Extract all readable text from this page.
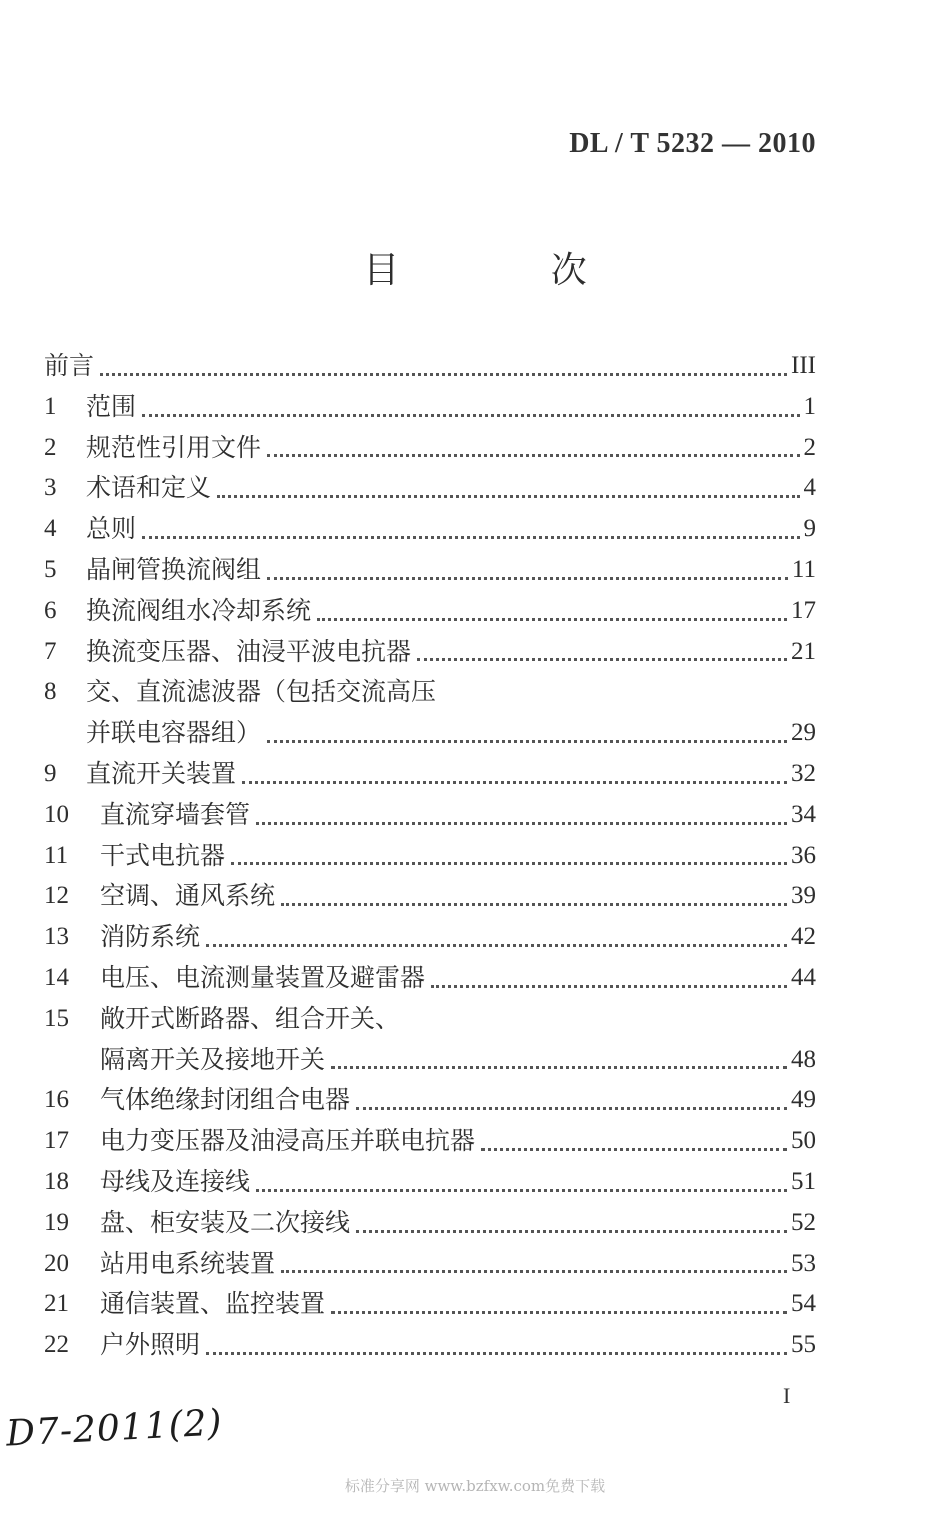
DL / T 5232 — 2010
目 次
前言	III
1	范围	1
2	规范性引用文件	2
3	术语和定义	4
4	总则	9
5	晶闸管换流阀组	11
6	换流阀组水冷却系统	17
7	换流变压器、油浸平波电抗器	21
8	交、直流滤波器（包括交流高压
并联电容器组）	29
9	直流开关装置	32
10	直流穿墙套管	34
11	干式电抗器	36
12	空调、通风系统	39
13	消防系统	42
14	电压、电流测量装置及避雷器	44
15	敞开式断路器、组合开关、
隔离开关及接地开关	48
16	气体绝缘封闭组合电器	49
17	电力变压器及油浸高压并联电抗器	50
18	母线及连接线	51
19	盘、柜安装及二次接线	52
20	站用电系统装置	53
21	通信装置、监控装置	54
22	户外照明	55
I
D7-2011(2)
标准分享网 www.bzfxw.com免费下载
